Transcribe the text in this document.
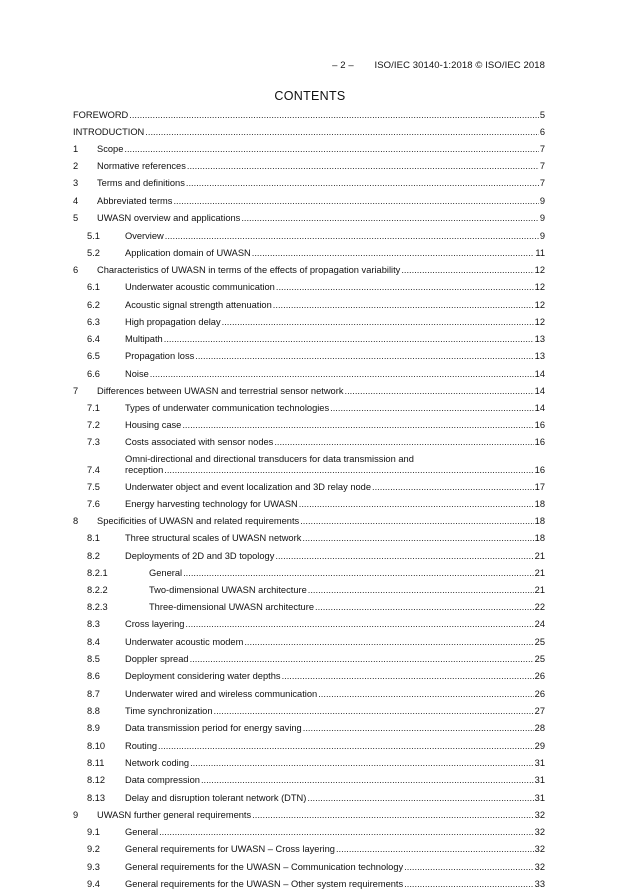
– 2 – ISO/IEC 30140-1:2018 © ISO/IEC 2018
CONTENTS
FOREWORD .....	5
INTRODUCTION .....	6
1 Scope .....	7
2 Normative references .....	7
3 Terms and definitions .....	7
4 Abbreviated terms .....	9
5 UWASN overview and applications .....	9
5.1	Overview .....	9
5.2	Application domain of UWASN .....	11
6 Characteristics of UWASN in terms of the effects of propagation variability .....	12
6.1	Underwater acoustic communication .....	12
6.2	Acoustic signal strength attenuation .....	12
6.3	High propagation delay .....	12
6.4	Multipath .....	13
6.5	Propagation loss .....	13
6.6	Noise .....	14
7 Differences between UWASN and terrestrial sensor network .....	14
7.1	Types of underwater communication technologies .....	14
7.2	Housing case .....	16
7.3	Costs associated with sensor nodes .....	16
7.4
Omni-directional and directional transducers for data transmission and
reception .....	16
7.5	Underwater object and event localization and 3D relay node .....	17
7.6	Energy harvesting technology for UWASN .....	18
8 Specificities of UWASN and related requirements .....	18
8.1	Three structural scales of UWASN network .....	18
8.2	Deployments of 2D and 3D topology .....	21
8.2.1	General .....	21
8.2.2	Two-dimensional UWASN architecture .....	21
8.2.3	Three-dimensional UWASN architecture .....	22
8.3	Cross layering .....	24
8.4	Underwater acoustic modem .....	25
8.5	Doppler spread .....	25
8.6	Deployment considering water depths .....	26
8.7	Underwater wired and wireless communication .....	26
8.8	Time synchronization .....	27
8.9	Data transmission period for energy saving .....	28
8.10 Routing .....	29
8.11 Network coding .....	31
8.12 Data compression .....	31
8.13 Delay and disruption tolerant network (DTN) .....	31
9 UWASN further general requirements .....	32
9.1	General .....	32
9.2	General requirements for UWASN – Cross layering .....	32
9.3	General requirements for the UWASN – Communication technology .....	32
9.4	General requirements for the UWASN – Other system requirements .....	33
